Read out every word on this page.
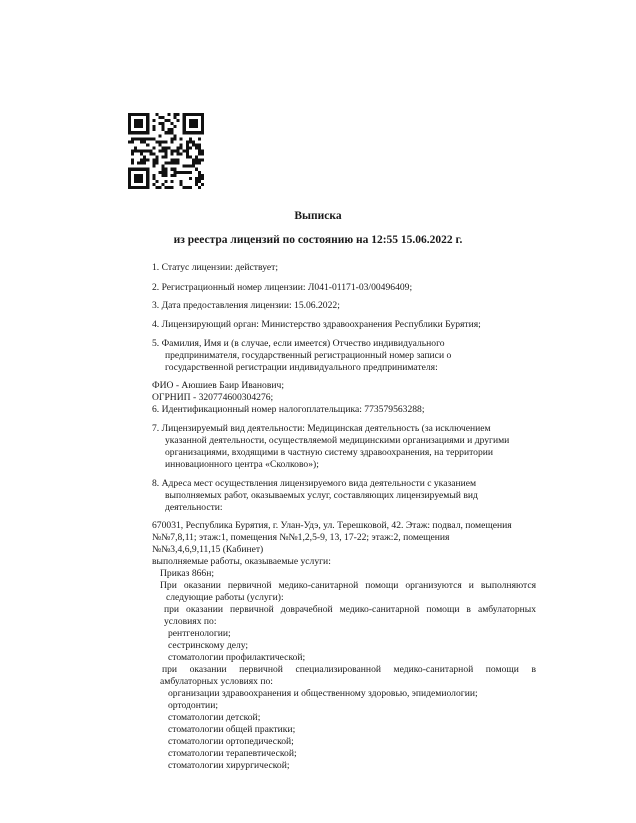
Выписка
из реестра лицензий по состоянию на 12:55 15.06.2022 г.
1. Статус лицензии: действует;
2. Регистрационный номер лицензии: Л041-01171-03/00496409;
3. Дата предоставления лицензии: 15.06.2022;
4. Лицензирующий орган: Министерство здравоохранения Республики Бурятия;
5. Фамилия, Имя и (в случае, если имеется) Отчество индивидуального
предпринимателя, государственный регистрационный номер записи о
государственной регистрации индивидуального предпринимателя:
ФИО - Аюшиев Баир Иванович;
ОГРНИП - 320774600304276;
6. Идентификационный номер налогоплательщика: 773579563288;
7. Лицензируемый вид деятельности: Медицинская деятельность (за исключением
указанной деятельности, осуществляемой медицинскими организациями и другими
организациями, входящими в частную систему здравоохранения, на территории
инновационного центра «Сколково»);
8. Адреса мест осуществления лицензируемого вида деятельности с указанием
выполняемых работ, оказываемых услуг, составляющих лицензируемый вид
деятельности:
670031, Республика Бурятия, г. Улан-Удэ, ул. Терешковой, 42. Этаж: подвал, помещения
№№7,8,11; этаж:1, помещения №№1,2,5-9, 13, 17-22; этаж:2, помещения
№№3,4,6,9,11,15 (Кабинет)
выполняемые работы, оказываемые услуги:
Приказ 866н;
При оказании первичной медико-санитарной помощи организуются и выполняются
следующие работы (услуги):
при оказании первичной доврачебной медико-санитарной помощи в амбулаторных
условиях по:
рентгенологии;
сестринскому делу;
стоматологии профилактической;
при оказании первичной специализированной медико-санитарной помощи в
амбулаторных условиях по:
организации здравоохранения и общественному здоровью, эпидемиологии;
ортодонтии;
стоматологии детской;
стоматологии общей практики;
стоматологии ортопедической;
стоматологии терапевтической;
стоматологии хирургической;
